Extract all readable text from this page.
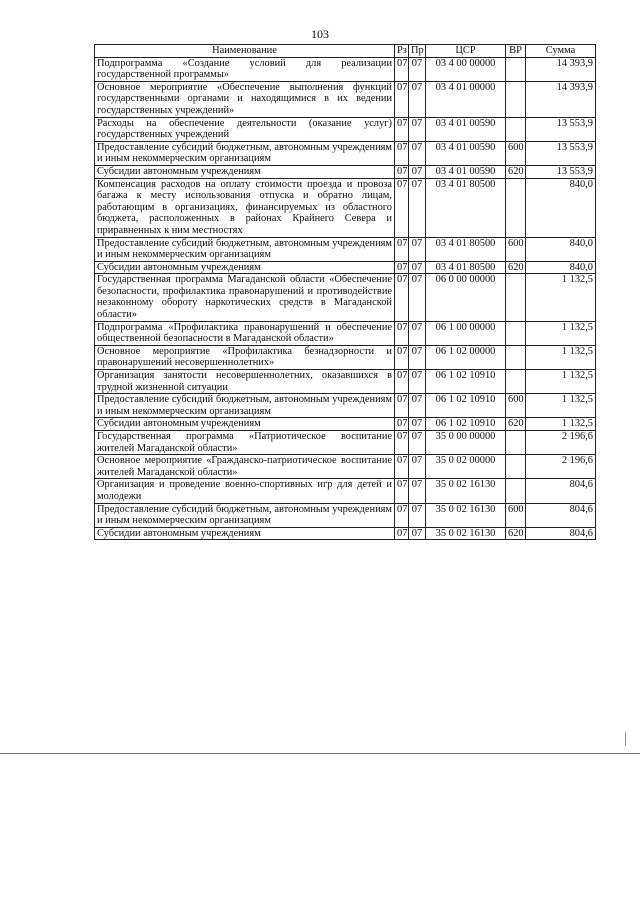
103
Наименование	Рз	Пр	ЦСР	ВР	Сумма
Подпрограмма «Создание условий для реализации государственной программы»	07	07	03 4 00 00000		14 393,9
Основное мероприятие «Обеспечение выполнения функций государственными органами и находящимися в их ведении государственных учреждений»	07	07	03 4 01 00000		14 393,9
Расходы на обеспечение деятельности (оказание услуг) государственных учреждений	07	07	03 4 01 00590		13 553,9
Предоставление субсидий бюджетным, автономным учреждениям и иным некоммерческим организациям	07	07	03 4 01 00590	600	13 553,9
Субсидии автономным учреждениям	07	07	03 4 01 00590	620	13 553,9
Компенсация расходов на оплату стоимости проезда и провоза багажа к месту использования отпуска и обратно лицам, работающим в организациях, финансируемых из областного бюджета, расположенных в районах Крайнего Севера и приравненных к ним местностях	07	07	03 4 01 80500		840,0
Предоставление субсидий бюджетным, автономным учреждениям и иным некоммерческим организациям	07	07	03 4 01 80500	600	840,0
Субсидии автономным учреждениям	07	07	03 4 01 80500	620	840,0
Государственная программа Магаданской области «Обеспечение безопасности, профилактика правонарушений и противодействие незаконному обороту наркотических средств в Магаданской области»	07	07	06 0 00 00000		1 132,5
Подпрограмма «Профилактика правонарушений и обеспечение общественной безопасности в Магаданской области»	07	07	06 1 00 00000		1 132,5
Основное мероприятие «Профилактика безнадзорности и правонарушений несовершеннолетних»	07	07	06 1 02 00000		1 132,5
Организация занятости несовершеннолетних, оказавшихся в трудной жизненной ситуации	07	07	06 1 02 10910		1 132,5
Предоставление субсидий бюджетным, автономным учреждениям и иным некоммерческим организациям	07	07	06 1 02 10910	600	1 132,5
Субсидии автономным учреждениям	07	07	06 1 02 10910	620	1 132,5
Государственная программа «Патриотическое воспитание жителей Магаданской области»	07	07	35 0 00 00000		2 196,6
Основное мероприятие «Гражданско-патриотическое воспитание жителей Магаданской области»	07	07	35 0 02 00000		2 196,6
Организация и проведение военно-спортивных игр для детей и молодежи	07	07	35 0 02 16130		804,6
Предоставление субсидий бюджетным, автономным учреждениям и иным некоммерческим организациям	07	07	35 0 02 16130	600	804,6
Субсидии автономным учреждениям	07	07	35 0 02 16130	620	804,6
